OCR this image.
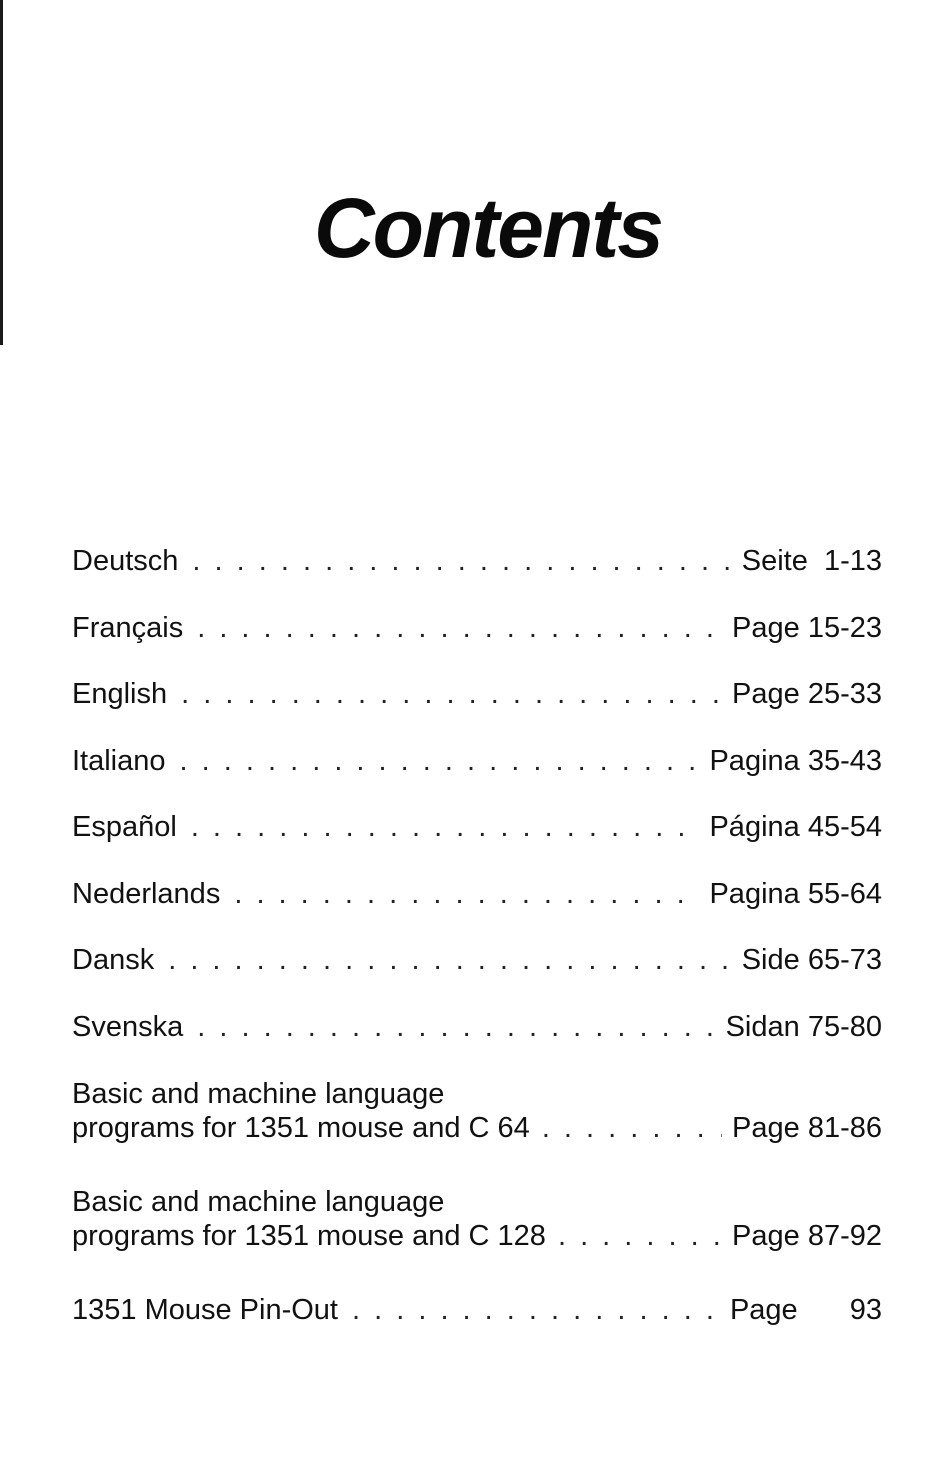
Contents
Deutsch . . .	Seite  1-13
Français . . .	Page 15-23
English . . .	Page 25-33
Italiano . . .	Pagina 35-43
Español . . .	Página 45-54
Nederlands . . .	Pagina 55-64
Dansk . . .	Side 65-73
Svenska . . .	Sidan 75-80
Basic and machine language
programs for 1351 mouse and C 64 . . .	Page 81-86
Basic and machine language
programs for 1351 mouse and C 128 . . .	Page 87-92
1351 Mouse Pin-Out . . .	Page 93
